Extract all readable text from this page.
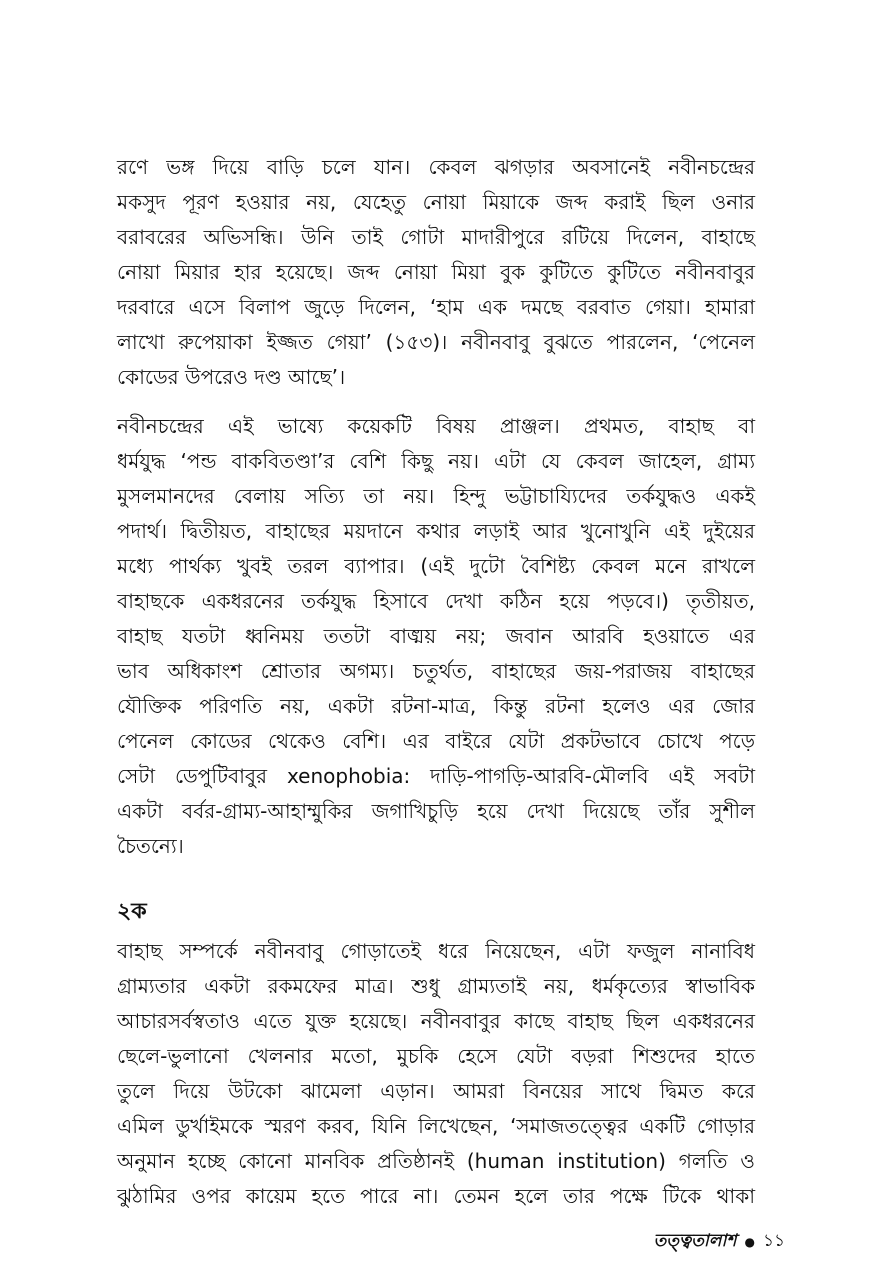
রণে ভঙ্গ দিয়ে বাড়ি চলে যান। কেবল ঝগড়ার অবসানেই নবীনচন্দ্রের

মকসুদ পূরণ হওয়ার নয়, যেহেতু নোয়া মিয়াকে জব্দ করাই ছিল ওনার

বরাবরের অভিসন্ধি। উনি তাই গোটা মাদারীপুরে রটিয়ে দিলেন, বাহাছে

নোয়া মিয়ার হার হয়েছে। জব্দ নোয়া মিয়া বুক কুটিতে কুটিতে নবীনবাবুর

দরবারে এসে বিলাপ জুড়ে দিলেন, ‘হাম এক দমছে বরবাত গেয়া। হামারা

লাখো রুপেয়াকা ইজ্জত গেয়া’ (১৫৩)। নবীনবাবু বুঝতে পারলেন, ‘পেনেল

কোডের উপরেও দণ্ড আছে’।

নবীনচন্দ্রের এই ভাষ্যে কয়েকটি বিষয় প্রাঞ্জল। প্রথমত, বাহাছ বা

ধর্মযুদ্ধ ‘পন্ড বাকবিতণ্ডা’র বেশি কিছু নয়। এটা যে কেবল জাহেল, গ্রাম্য

মুসলমানদের বেলায় সত্যি তা নয়। হিন্দু ভট্টাচায্যিদের তর্কযুদ্ধও একই

পদার্থ। দ্বিতীয়ত, বাহাছের ময়দানে কথার লড়াই আর খুনোখুনি এই দুইয়ের

মধ্যে পার্থক্য খুবই তরল ব্যাপার। (এই দুটো বৈশিষ্ট্য কেবল মনে রাখলে

বাহাছকে একধরনের তর্কযুদ্ধ হিসাবে দেখা কঠিন হয়ে পড়বে।) তৃতীয়ত,

বাহাছ যতটা ধ্বনিময় ততটা বাঙ্ময় নয়; জবান আরবি হওয়াতে এর

ভাব অধিকাংশ শ্রোতার অগম্য। চতুর্থত, বাহাছের জয়-পরাজয় বাহাছের

যৌক্তিক পরিণতি নয়, একটা রটনা-মাত্র, কিন্তু রটনা হলেও এর জোর

পেনেল কোডের থেকেও বেশি। এর বাইরে যেটা প্রকটভাবে চোখে পড়ে

সেটা ডেপুটিবাবুর xenophobia: দাড়ি-পাগড়ি-আরবি-মৌলবি এই সবটা

একটা বর্বর-গ্রাম্য-আহাম্মুকির জগাখিচুড়ি হয়ে দেখা দিয়েছে তাঁর সুশীল

চৈতন্যে।

২ক

বাহাছ সম্পর্কে নবীনবাবু গোড়াতেই ধরে নিয়েছেন, এটা ফজুল নানাবিধ

গ্রাম্যতার একটা রকমফের মাত্র। শুধু গ্রাম্যতাই নয়, ধর্মকৃত্যের স্বাভাবিক

আচারসর্বস্বতাও এতে যুক্ত হয়েছে। নবীনবাবুর কাছে বাহাছ ছিল একধরনের

ছেলে-ভুলানো খেলনার মতো, মুচকি হেসে যেটা বড়রা শিশুদের হাতে

তুলে দিয়ে উটকো ঝামেলা এড়ান। আমরা বিনয়ের সাথে দ্বিমত করে

এমিল ডুর্খাইমকে স্মরণ করব, যিনি লিখেছেন, ‘সমাজতত্ত্বের একটি গোড়ার

অনুমান হচ্ছে কোনো মানবিক প্রতিষ্ঠানই (human institution) গলতি ও

ঝুঠামির ওপর কায়েম হতে পারে না। তেমন হলে তার পক্ষে টিকে থাকা

তত্ত্বতালাশ ● ১১
